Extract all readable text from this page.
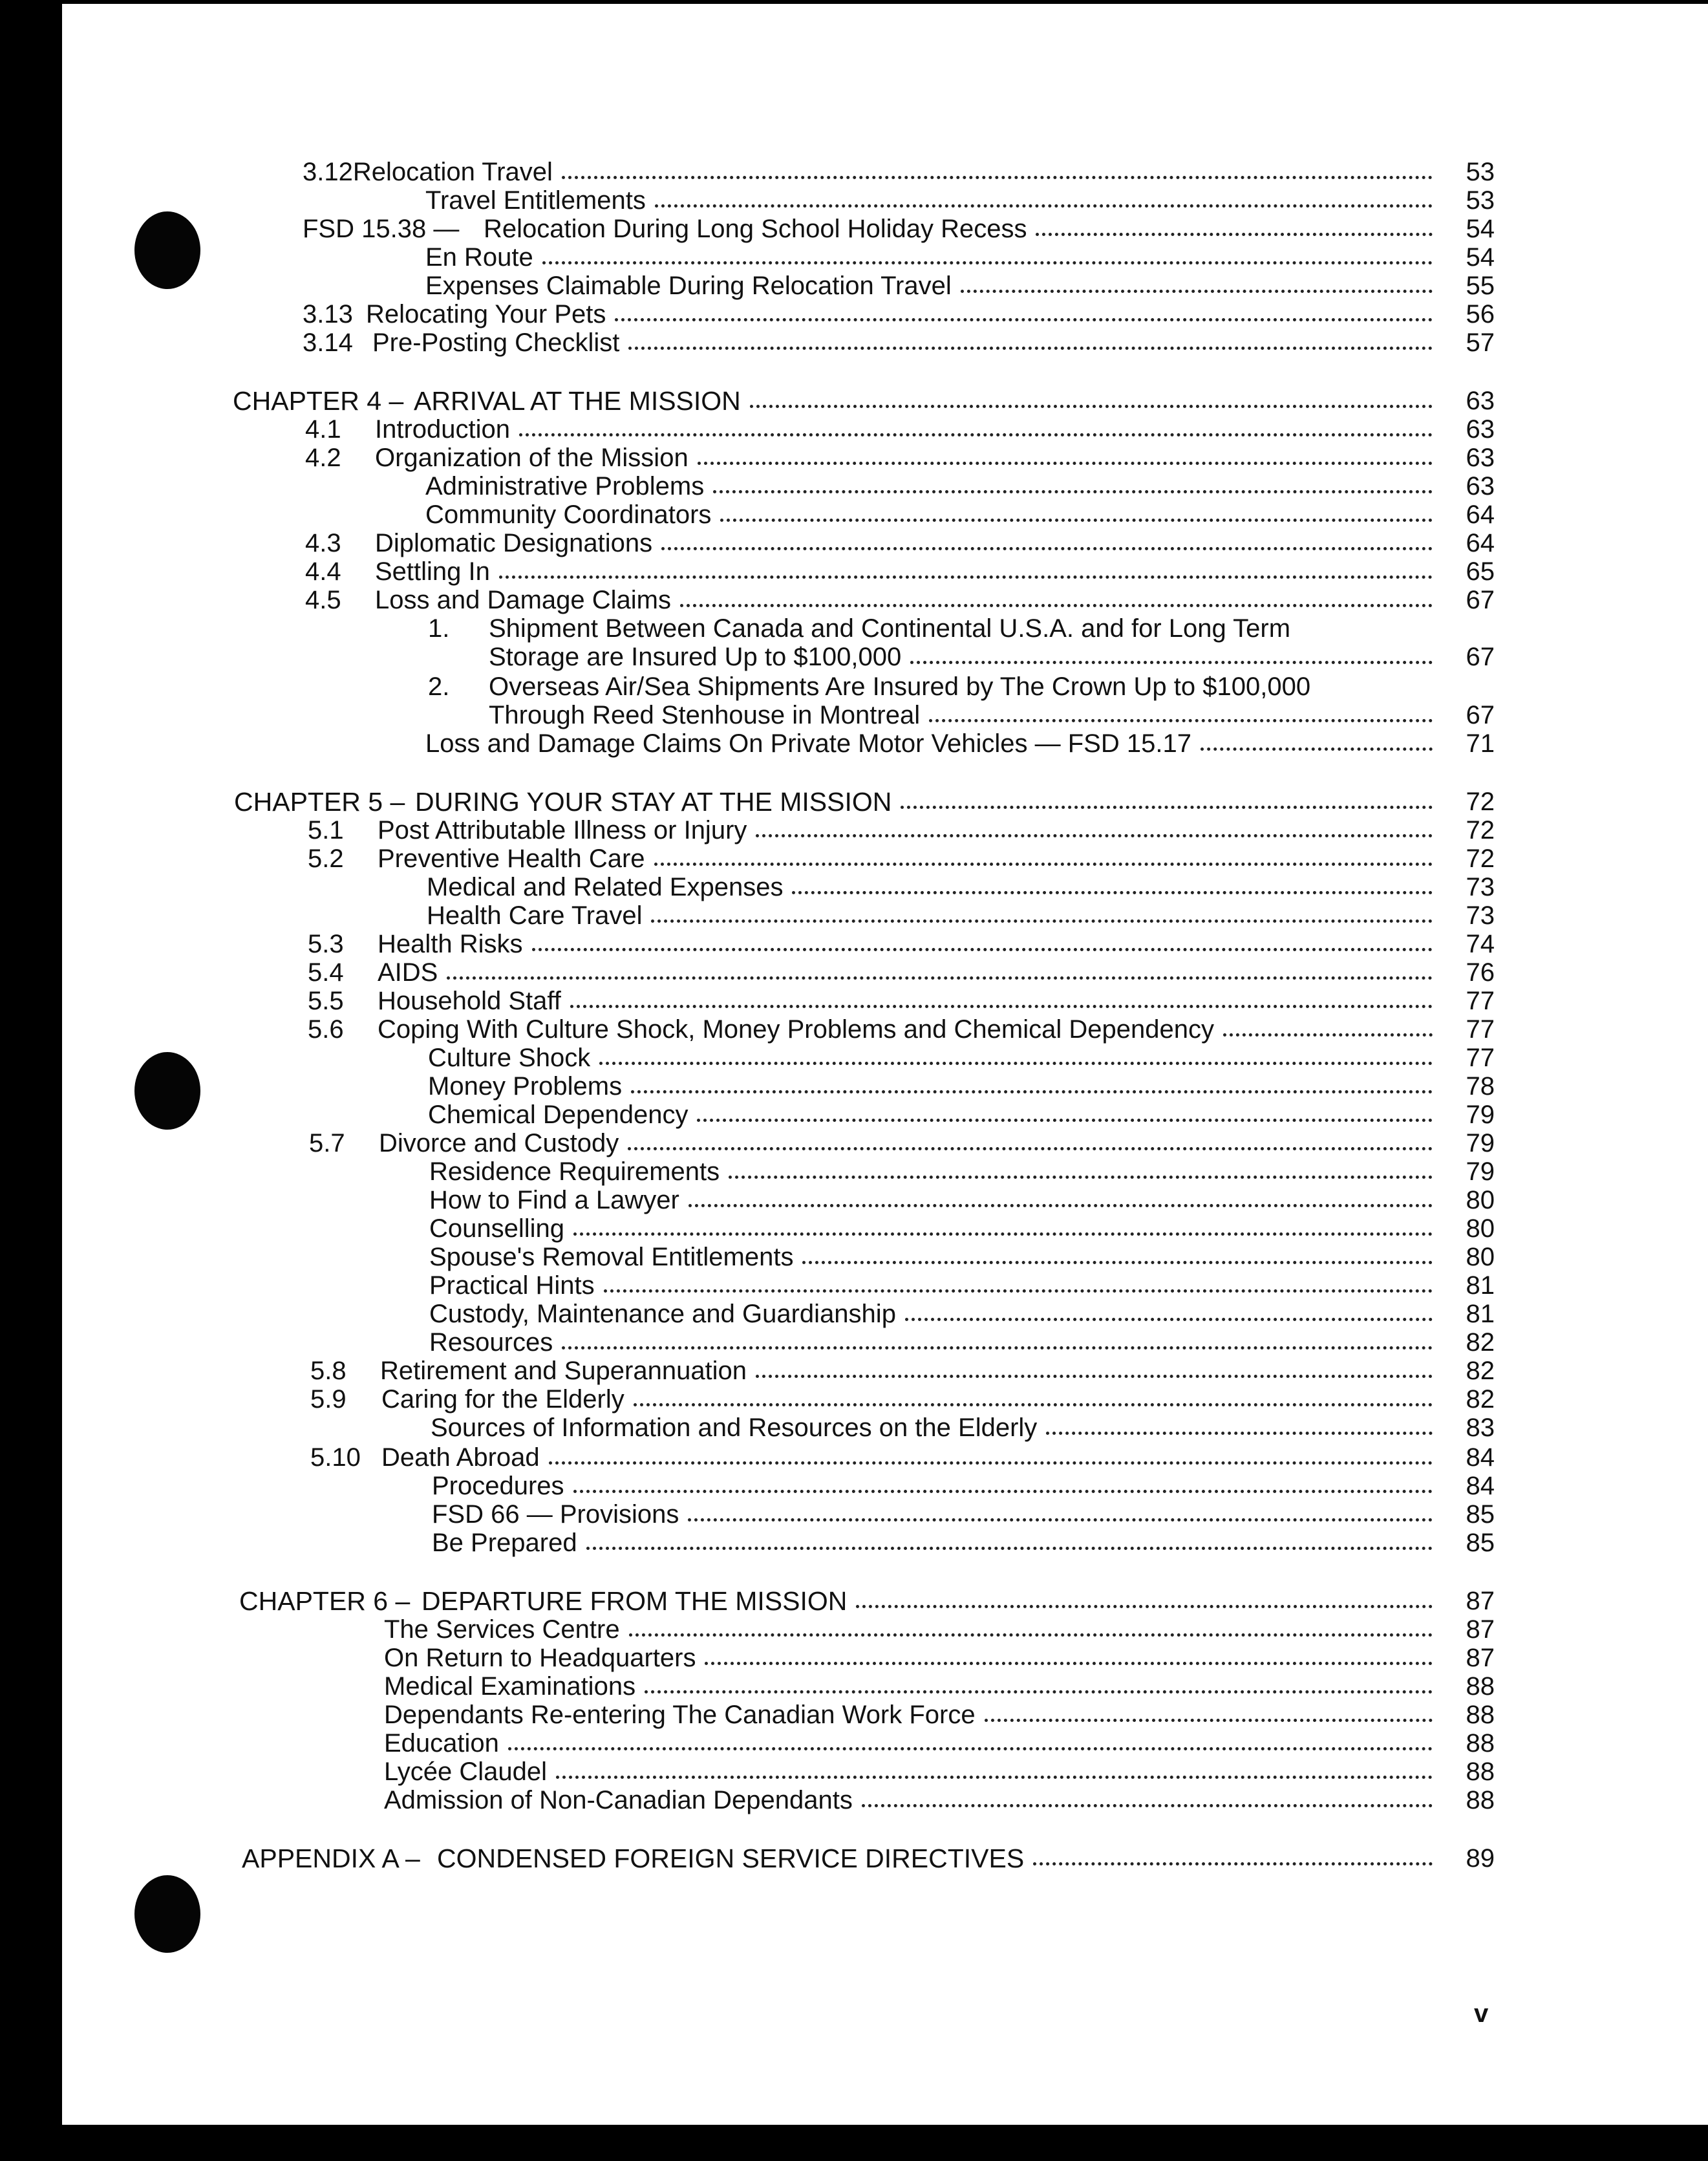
3.12 Relocation Travel	53
Travel Entitlements	53
FSD 15.38 — Relocation During Long School Holiday Recess	54
En Route	54
Expenses Claimable During Relocation Travel	55
3.13 Relocating Your Pets	56
3.14 Pre-Posting Checklist	57
CHAPTER 4 – ARRIVAL AT THE MISSION	63
4.1	Introduction	63
4.2	Organization of the Mission	63
Administrative Problems	63
Community Coordinators	64
4.3	Diplomatic Designations	64
4.4	Settling In	65
4.5	Loss and Damage Claims	67
1.	Shipment Between Canada and Continental U.S.A. and for Long Term
Storage are Insured Up to $100,000	67
2.	Overseas Air/Sea Shipments Are Insured by The Crown Up to $100,000
Through Reed Stenhouse in Montreal	67
Loss and Damage Claims On Private Motor Vehicles — FSD 15.17	71
CHAPTER 5 – DURING YOUR STAY AT THE MISSION	72
5.1	Post Attributable Illness or Injury	72
5.2	Preventive Health Care	72
Medical and Related Expenses	73
Health Care Travel	73
5.3	Health Risks	74
5.4	AIDS	76
5.5	Household Staff	77
5.6	Coping With Culture Shock, Money Problems and Chemical Dependency	77
Culture Shock	77
Money Problems	78
Chemical Dependency	79
5.7	Divorce and Custody	79
Residence Requirements	79
How to Find a Lawyer	80
Counselling	80
Spouse's Removal Entitlements	80
Practical Hints	81
Custody, Maintenance and Guardianship	81
Resources	82
5.8	Retirement and Superannuation	82
5.9	Caring for the Elderly	82
Sources of Information and Resources on the Elderly	83
5.10 Death Abroad	84
Procedures	84
FSD 66 — Provisions	85
Be Prepared	85
CHAPTER 6 – DEPARTURE FROM THE MISSION	87
The Services Centre	87
On Return to Headquarters	87
Medical Examinations	88
Dependants Re-entering The Canadian Work Force	88
Education	88
Lycée Claudel	88
Admission of Non-Canadian Dependants	88
APPENDIX A – CONDENSED FOREIGN SERVICE DIRECTIVES	89
v
